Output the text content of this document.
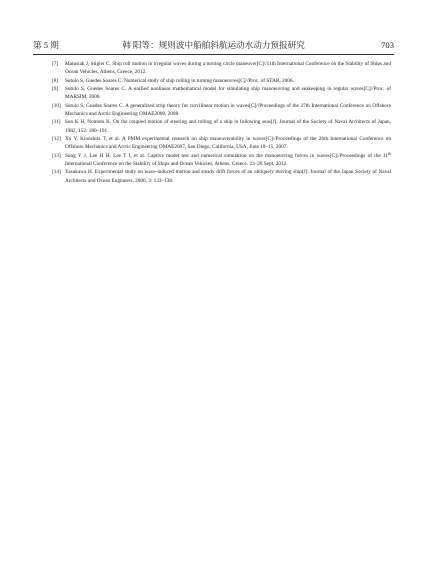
第 5 期	韩 阳等：规则波中船舶斜航运动水动力预报研究	703
[7] Matusiak J, Stigler C. Ship roll motion in irregular waves during a turning circle maneuver[C]//11th International Conference on the Stability of Ships and Ocean Vehicles, Athens, Greece, 2012.
[8] Sutulo S, Guedes Soares C. Numerical study of ship rolling in turning manoeuvres[C]//Proc. of STAB, 2006.
[9] Sutulo S, Guedes Soares C. A unified nonlinear mathematical model for simulating ship manoeuvring and seakeeping in regular waves[C]//Proc. of MARSIM, 2006.
[10] Sutulo S, Guedes Soares C. A generalized strip theory for curvilinear motion in waves[C]//Proceedings of the 27th International Conference on Offshore Mechanics and Arctic Engineering OMAE2008, 2008.
[11] Son K H, Nomoto K. On the coupled motion of steering and rolling of a ship in following seas[J]. Journal of the Society of Naval Architects of Japan, 1982, 152: 180–191.
[12] Xu Y, Kinoshita T, et al. A PMM experimental research on ship maneuverability in waves[C]//Proceedings of the 26th International Conference on Offshore Mechanics and Arctic Engineering OMAE2007, San Diego, California, USA, June 10–15, 2007.
[13] Sung Y J, Lee H H, Lee T I, et al. Captive model test and numerical simulation on the manoeuvring forces in waves[C]//Proceedings of the 11th International Conference on the Stability of Ships and Ocean Vehicles, Athens, Greece. 23–28 Sept, 2012.
[14] Yasukawa H. Experimental study on wave-induced motion and steady drift forces of an obliquely moving ship[J]. Journal of the Japan Society of Naval Architects and Ocean Engineers, 2006, 3: 133–138.
